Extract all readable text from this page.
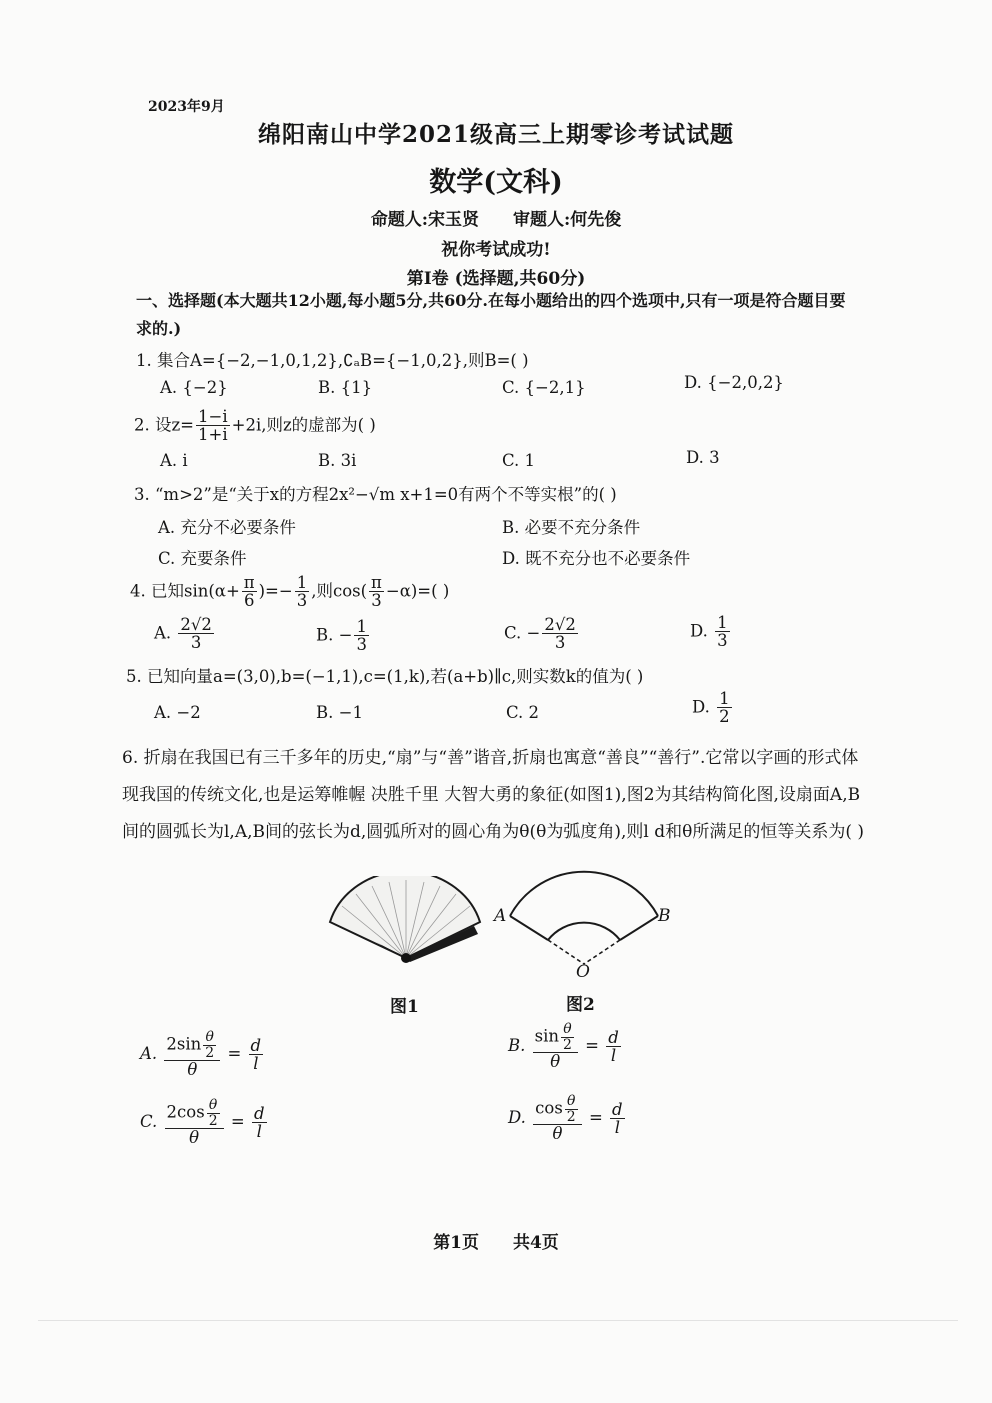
2023年9月
绵阳南山中学2021级高三上期零诊考试试题
数学(文科)
命题人:宋玉贤 审题人:何先俊
祝你考试成功!
第Ⅰ卷 (选择题,共60分)
一、选择题(本大题共12小题,每小题5分,共60分.在每小题给出的四个选项中,只有一项是符合题目要求的.)
1. 集合A={−2,−1,0,1,2},∁ₐB={−1,0,2},则B=( )
A. {−2}	B. {1}	C. {−2,1}	D. {−2,0,2}
2. 设$z= \frac{1-i}{1+i} +2i$,则z的虚部为( )
A. i	B. 3i	C. 1	D. 3
3. “m>2”是“关于x的方程2x²−√m x+1=0有两个不等实根”的( )
A. 充分不必要条件	B. 必要不充分条件
C. 充要条件	D. 既不充分也不必要条件
4. 已知$\sin(\alpha+ \frac{\pi}{6}$ )=− $\frac{1}{3}$ ,则$\cos( \frac{\pi}{3} -\alpha)=$( )
A. $\frac{2√2}{3}$	B. − $\frac{1}{3}$	C. − $\frac{2√2}{3}$	D. $\frac{1}{3}$
5. 已知向量a=(3,0),b=(−1,1),c=(1,k),若(a+b)∥c,则实数k的值为( )
A. −2	B. −1	C. 2	D. $\frac{1}{2}$
6. 折扇在我国已有三千多年的历史,“扇”与“善”谐音,折扇也寓意“善良”“善行”.它常以字画的形式体现我国的传统文化,也是运筹帷幄 决胜千里 大智大勇的象征(如图1),图2为其结构简化图,设扇面A,B间的圆弧长为l,A,B间的弦长为d,圆弧所对的圆心角为θ(θ为弧度角),则l d和θ所满足的恒等关系为( )
图1
A	B
O
图2
A. $\frac{2\sin \frac{\theta}{2}}{\theta} = \frac{d}{l}$	B. $\frac{\sin \frac{\theta}{2}}{\theta} = \frac{d}{l}$
C. $\frac{2\cos \frac{\theta}{2}}{\theta} = \frac{d}{l}$	D. $\frac{\cos \frac{\theta}{2}}{\theta} = \frac{d}{l}$
第1页 共4页
